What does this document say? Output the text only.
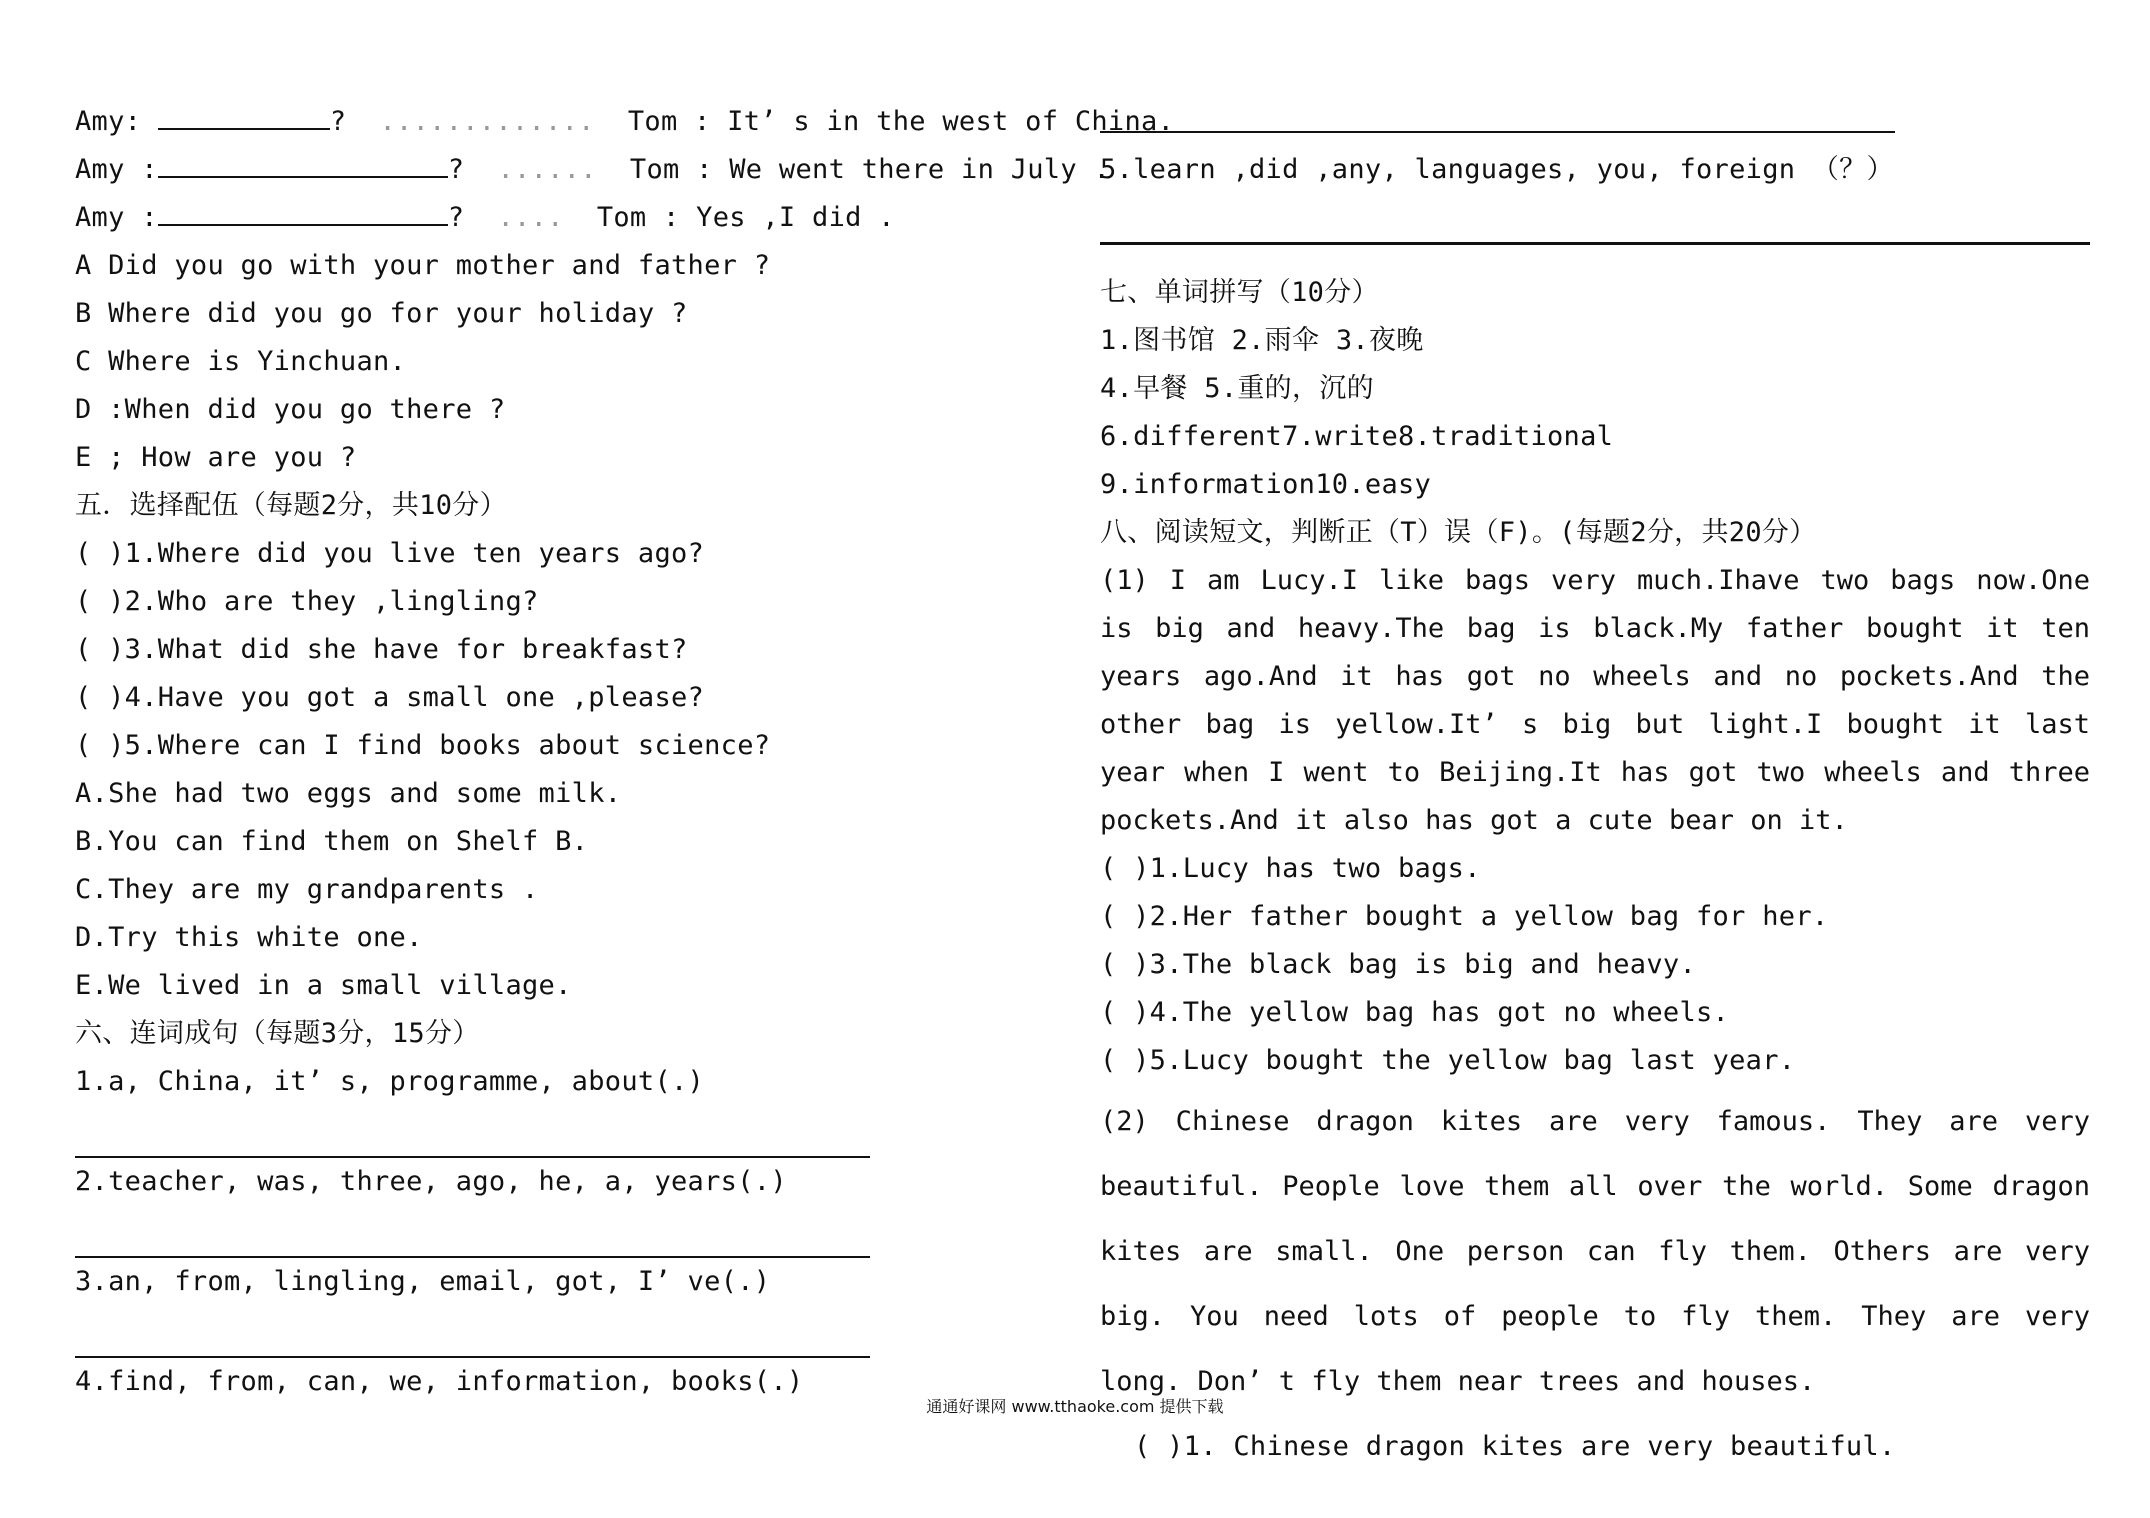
Amy:	?  .............  Tom : It’ s in the west of China.
Amy :	?  ......  Tom : We went there in July .
Amy :	?  ....  Tom : Yes ,I did .
A Did you go with your mother and father ?
B Where did you go for your holiday ?
C Where is Yinchuan.
D :When did you go there ?
E ; How are you ?
五．选择配伍（每题2分，共10分）
( )1.Where did you live ten years ago?
( )2.Who are they ,lingling?
( )3.What did she have for breakfast?
( )4.Have you got a small one ,please?
( )5.Where can I find books about science?
A.She had two eggs and some milk.
B.You can find them on Shelf B.
C.They are my grandparents .
D.Try this white one.
E.We lived in a small village.
六、连词成句（每题3分，15分）
1.a, China, it’ s, programme, about(.)
2.teacher, was, three, ago, he, a, years(.)
3.an, from, lingling, email, got, I’ ve(.)
4.find, from, can, we, information, books(.)
5.learn ,did ,any, languages, you, foreign （？）
七、单词拼写（10分）
1.图书馆 2.雨伞 3.夜晚
4.早餐 5.重的，沉的
6.different7.write8.traditional
9.information10.easy
八、阅读短文，判断正（T）误（F)。(每题2分，共20分）
(1) I am Lucy.I like bags very much.Ihave two bags now.One is big and heavy.The bag is black.My father bought it ten years ago.And it has got no wheels and no pockets.And the other bag is yellow.It’ s big but light.I bought it last year when I went to Beijing.It has got two wheels and three pockets.And it also has got a cute bear on it.
( )1.Lucy has two bags.
( )2.Her father bought a yellow bag for her.
( )3.The black bag is big and heavy.
( )4.The yellow bag has got no wheels.
( )5.Lucy bought the yellow bag last year.
(2) Chinese dragon kites are very famous. They are very beautiful. People love them all over the world. Some dragon kites are small. One person can fly them. Others are very big. You need lots of people to fly them. They are very long. Don’ t fly them near trees and houses.
( )1. Chinese dragon kites are very beautiful.
通通好课网 www.tthaoke.com 提供下载
